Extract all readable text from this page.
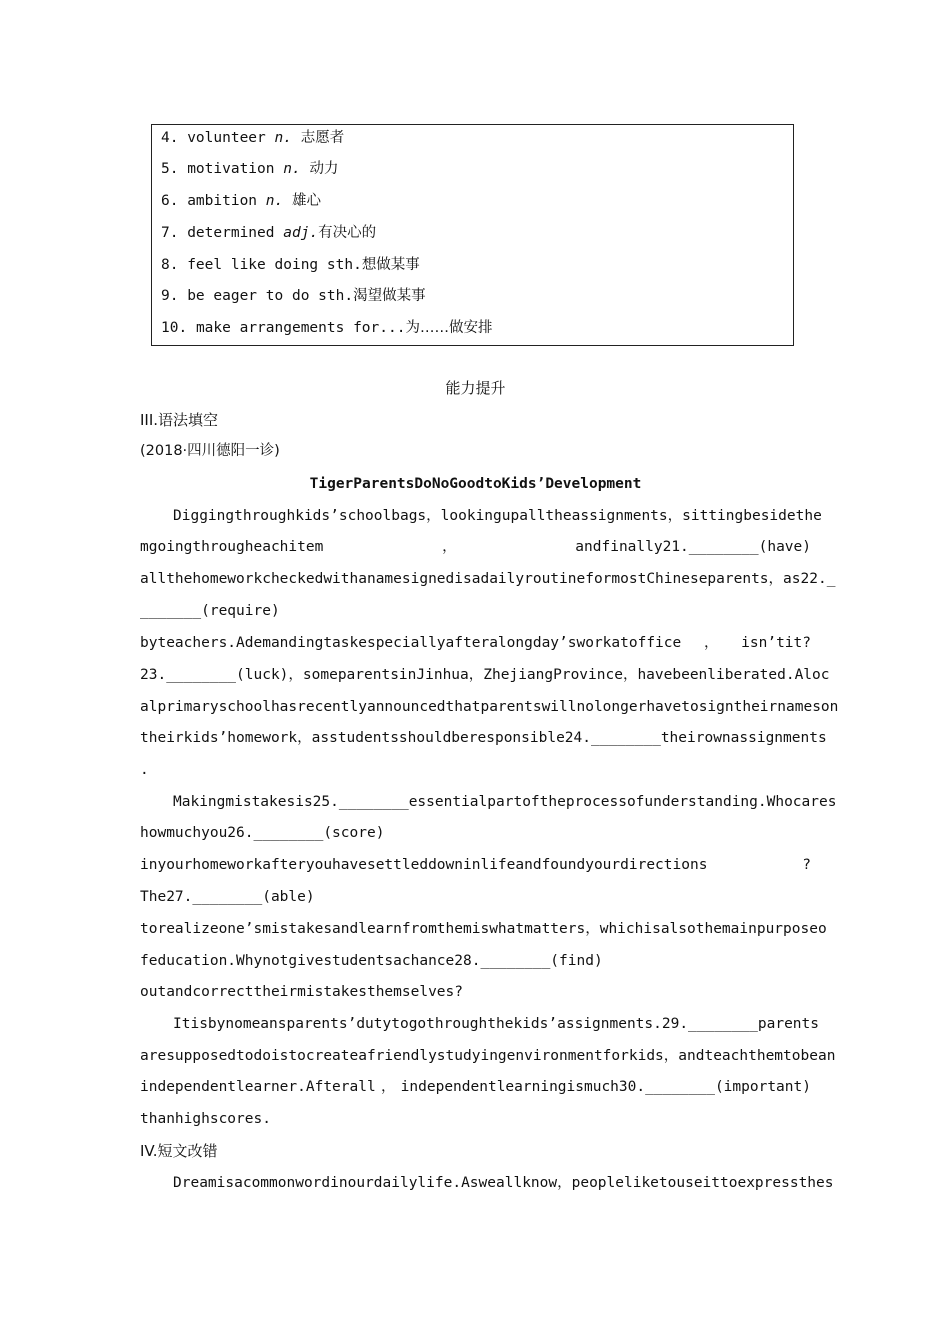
4. volunteer n. 志愿者
5. motivation n. 动力
6. ambition n. 雄心
7. determined adj.有决心的
8. feel like doing sth.想做某事
9. be eager to do sth.渴望做某事
10. make arrangements for...为……做安排
能力提升
III.语法填空
(2018·四川德阳一诊)
TigerParentsDoNoGoodtoKids’Development
Diggingthroughkids’schoolbags，lookingupalltheassignments，sittingbesidethe
mgoingthrougheachitem	，	andfinally21.________(have)
allthehomeworkcheckedwithanamesignedisadailyroutineformostChineseparents，as22._
_______(require)
byteachers.Ademandingtaskespeciallyafteralongday’sworkatoffice ， isn’tit?
23.________(luck)，someparentsinJinhua，ZhejiangProvince，havebeenliberated.Aloc
alprimaryschoolhasrecentlyannouncedthatparentswillnolongerhavetosigntheirnameson
theirkids’homework，asstudentsshouldberesponsible24.________theirownassignments
.
Makingmistakesis25.________essentialpartoftheprocessofunderstanding.Whocares
howmuchyou26.________(score)
inyourhomeworkafteryouhavesettleddowninlifeandfoundyourdirections	?
The27.________(able)
torealizeone’smistakesandlearnfromthemiswhatmatters，whichisalsothemainpurposeo
feducation.Whynotgivestudentsachance28.________(find)
outandcorrecttheirmistakesthemselves?
Itisbynomeansparents’dutytogothroughthekids’assignments.29.________parents
aresupposedtodoistocreateafriendlystudyingenvironmentforkids，andteachthemtobean
independentlearner.Afterall ， independentlearningismuch30.________(important)
thanhighscores.
IV.短文改错
Dreamisacommonwordinourdailylife.Asweallknow，peopleliketouseittoexpressthes
